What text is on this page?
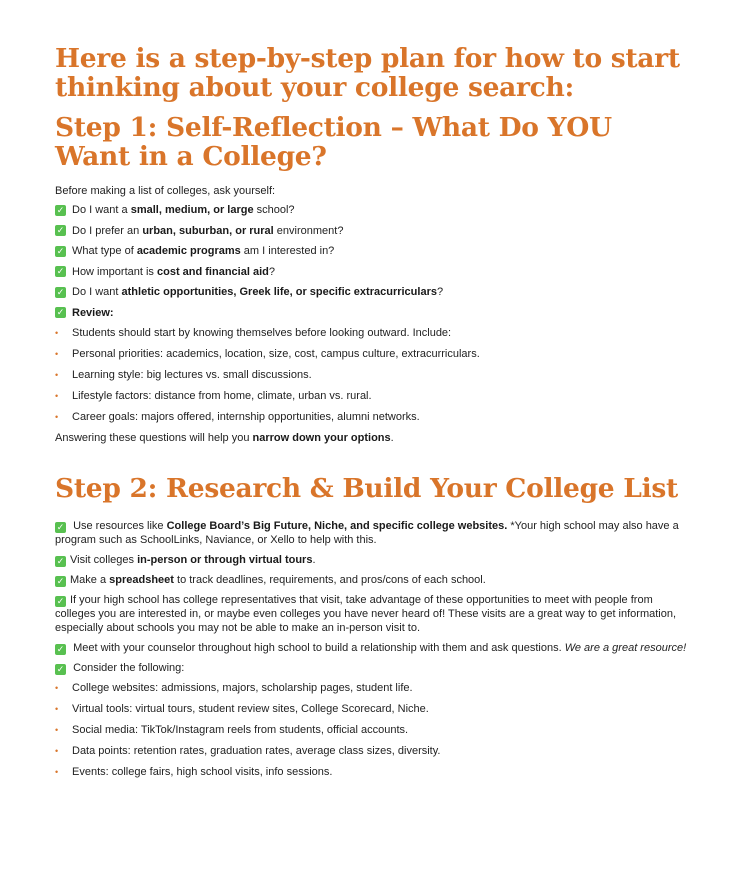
Here is a step-by-step plan for how to start thinking about your college search:
Step 1: Self-Reflection – What Do YOU Want in a College?

Before making a list of colleges, ask yourself:

✓ Do I want a small, medium, or large school?
✓ Do I prefer an urban, suburban, or rural environment?
✓ What type of academic programs am I interested in?
✓ How important is cost and financial aid?
✓ Do I want athletic opportunities, Greek life, or specific extracurriculars?
✓ Review:
• Students should start by knowing themselves before looking outward. Include:
• Personal priorities: academics, location, size, cost, campus culture, extracurriculars.
• Learning style: big lectures vs. small discussions.
• Lifestyle factors: distance from home, climate, urban vs. rural.
• Career goals: majors offered, internship opportunities, alumni networks.

Answering these questions will help you narrow down your options.

Step 2: Research & Build Your College List

✓ Use resources like College Board’s Big Future, Niche, and specific college websites. *Your high school may also have a program such as SchoolLinks, Naviance, or Xello to help with this.

✓ Visit colleges in-person or through virtual tours.

✓ Make a spreadsheet to track deadlines, requirements, and pros/cons of each school.

✓ If your high school has college representatives that visit, take advantage of these opportunities to meet with people from colleges you are interested in, or maybe even colleges you have never heard of! These visits are a great way to get information, especially about schools you may not be able to make an in-person visit to.

✓ Meet with your counselor throughout high school to build a relationship with them and ask questions. We are a great resource!

✓ Consider the following:

• College websites: admissions, majors, scholarship pages, student life.
• Virtual tools: virtual tours, student review sites, College Scorecard, Niche.
• Social media: TikTok/Instagram reels from students, official accounts.
• Data points: retention rates, graduation rates, average class sizes, diversity.
• Events: college fairs, high school visits, info sessions.
